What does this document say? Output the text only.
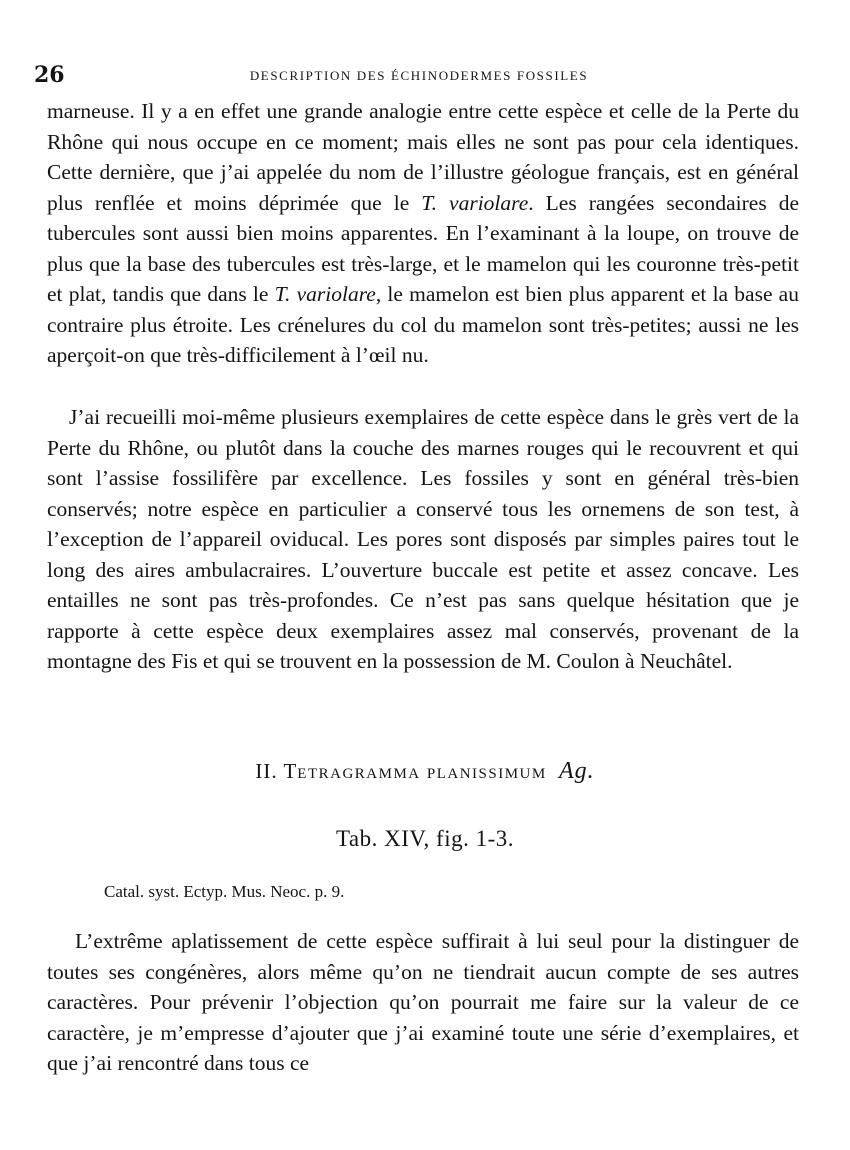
26	DESCRIPTION DES ÉCHINODERMES FOSSILES

marneuse. Il y a en effet une grande analogie entre cette espèce et celle de la Perte du Rhône qui nous occupe en ce moment; mais elles ne sont pas pour cela identiques. Cette dernière, que j’ai appelée du nom de l’illustre géologue français, est en général plus renflée et moins déprimée que le T. variolare. Les rangées secondaires de tubercules sont aussi bien moins apparentes. En l’examinant à la loupe, on trouve de plus que la base des tubercules est très-large, et le mamelon qui les couronne très-petit et plat, tandis que dans le T. variolare, le mamelon est bien plus apparent et la base au contraire plus étroite. Les crénelures du col du mamelon sont très-petites; aussi ne les aperçoit-on que très-difficilement à l’œil nu.

J’ai recueilli moi-même plusieurs exemplaires de cette espèce dans le grès vert de la Perte du Rhône, ou plutôt dans la couche des marnes rouges qui le recouvrent et qui sont l’assise fossilifère par excellence. Les fossiles y sont en général très-bien conservés; notre espèce en particulier a conservé tous les ornemens de son test, à l’exception de l’appareil oviducal. Les pores sont disposés par simples paires tout le long des aires ambulacraires. L’ouverture buccale est petite et assez concave. Les entailles ne sont pas très-profondes. Ce n’est pas sans quelque hésitation que je rapporte à cette espèce deux exemplaires assez mal conservés, provenant de la montagne des Fis et qui se trouvent en la possession de M. Coulon à Neuchâtel.

II. TETRAGRAMMA PLANISSIMUM Ag.
Tab. XIV, fig. 1-3.
Catal. syst. Ectyp. Mus. Neoc. p. 9.

L’extrême aplatissement de cette espèce suffirait à lui seul pour la distinguer de toutes ses congénères, alors même qu’on ne tiendrait aucun compte de ses autres caractères. Pour prévenir l’objection qu’on pourrait me faire sur la valeur de ce caractère, je m’empresse d’ajouter que j’ai examiné toute une série d’exemplaires, et que j’ai rencontré dans tous ce
